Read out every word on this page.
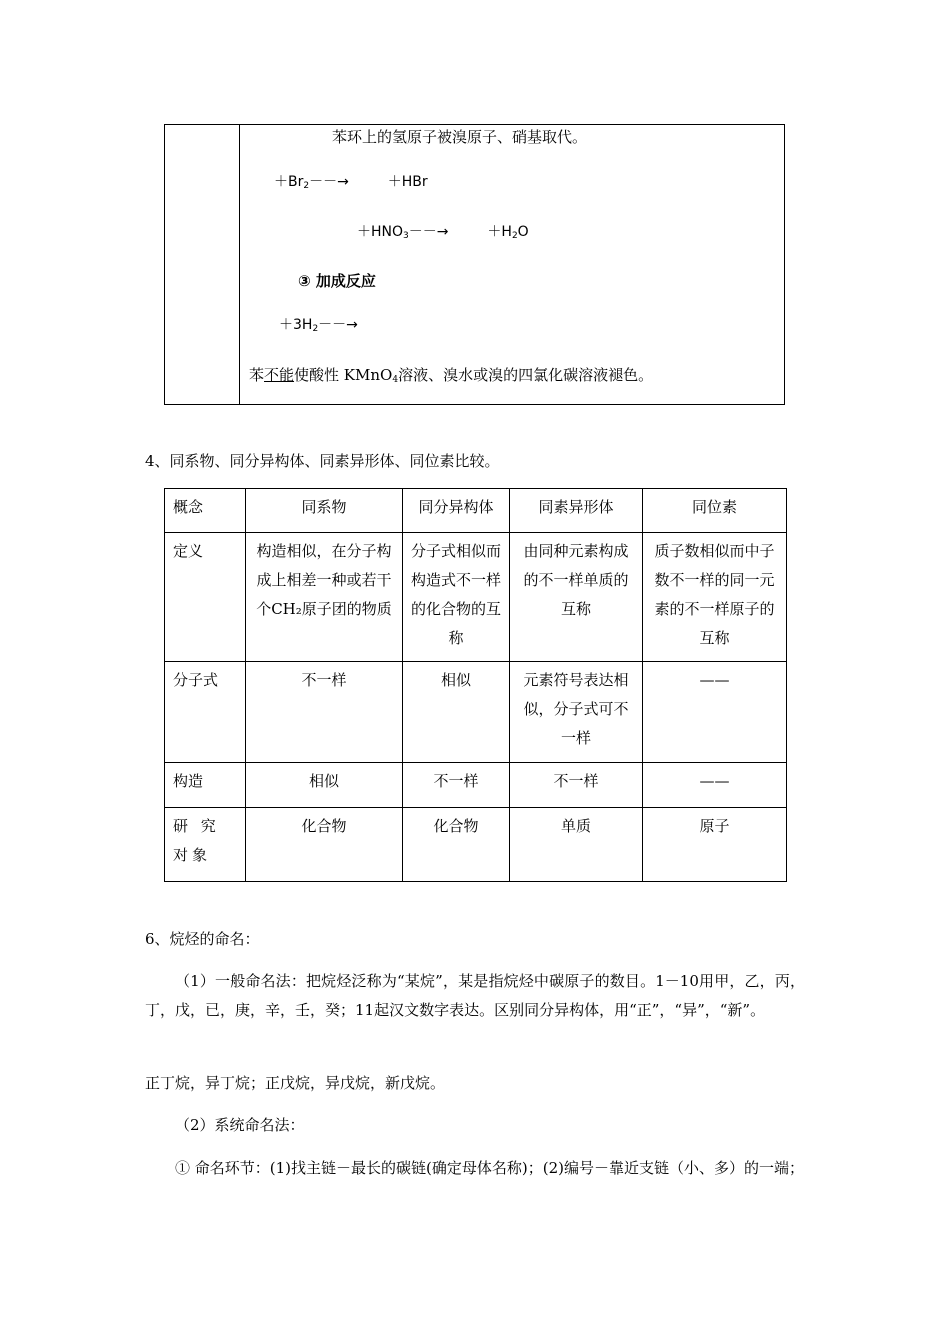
苯环上的氢原子被溴原子、硝基取代。
$+Br_2--\to$	＋HBr
$+HNO_3--\to$	$+H_2O$
③ 加成反应
$+3H_2--\to$
苯不能使酸性 KMnO$_4$溶液、溴水或溴的四氯化碳溶液褪色。
4、同系物、同分异构体、同素异形体、同位素比较。
概念	同系物	同分异构体	同素异形体	同位素
定义	构造相似，在分子构成上相差一种或若干个CH₂原子团的物质	分子式相似而构造式不一样的化合物的互称	由同种元素构成的不一样单质的互称	质子数相似而中子数不一样的同一元素的不一样原子的互称
分子式	不一样	相似	元素符号表达相似，分子式可不一样	——
构造	相似	不一样	不一样	——
研 究 对象	化合物	化合物	单质	原子
6、烷烃的命名：
（1）一般命名法：把烷烃泛称为“某烷”，某是指烷烃中碳原子的数目。1－10用甲，乙，丙，丁，戊，已，庚，辛，壬，癸；11起汉文数字表达。区别同分异构体，用“正”，“异”，“新”。
正丁烷，异丁烷；正戊烷，异戊烷，新戊烷。
（2）系统命名法：
① 命名环节：(1)找主链－最长的碳链(确定母体名称)；(2)编号－靠近支链（小、多）的一端；
